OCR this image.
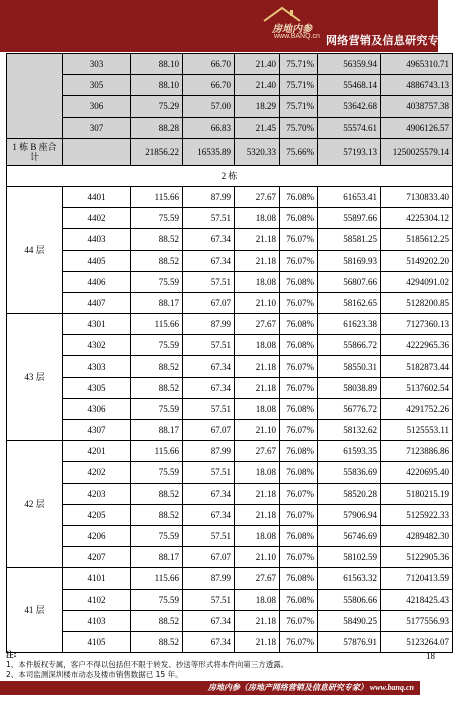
房地内参
www.BANQ.cn 网络营销及信息研究专家
	303	88.10	66.70	21.40	75.71%	56359.94	4965310.71
	305	88.10	66.70	21.40	75.71%	55468.14	4886743.13
	306	75.29	57.00	18.29	75.71%	53642.68	4038757.38
	307	88.28	66.83	21.45	75.70%	55574.61	4906126.57
1 栋 B 座合计		21856.22	16535.89	5320.33	75.66%	57193.13	1250025579.14
2 栋							
44 层	4401	115.66	87.99	27.67	76.08%	61653.41	7130833.40
	4402	75.59	57.51	18.08	76.08%	55897.66	4225304.12
	4403	88.52	67.34	21.18	76.07%	58581.25	5185612.25
	4405	88.52	67.34	21.18	76.07%	58169.93	5149202.20
	4406	75.59	57.51	18.08	76.08%	56807.66	4294091.02
	4407	88.17	67.07	21.10	76.07%	58162.65	5128200.85
43 层	4301	115.66	87.99	27.67	76.08%	61623.38	7127360.13
	4302	75.59	57.51	18.08	76.08%	55866.72	4222965.36
	4303	88.52	67.34	21.18	76.07%	58550.31	5182873.44
	4305	88.52	67.34	21.18	76.07%	58038.89	5137602.54
	4306	75.59	57.51	18.08	76.08%	56776.72	4291752.26
	4307	88.17	67.07	21.10	76.07%	58132.62	5125553.11
42 层	4201	115.66	87.99	27.67	76.08%	61593.35	7123886.86
	4202	75.59	57.51	18.08	76.08%	55836.69	4220695.40
	4203	88.52	67.34	21.18	76.07%	58520.28	5180215.19
	4205	88.52	67.34	21.18	76.07%	57906.94	5125922.33
	4206	75.59	57.51	18.08	76.08%	56746.69	4289482.30
	4207	88.17	67.07	21.10	76.07%	58102.59	5122905.36
41 层	4101	115.66	87.99	27.67	76.08%	61563.32	7120413.59
	4102	75.59	57.51	18.08	76.08%	55806.66	4218425.43
	4103	88.52	67.34	21.18	76.07%	58490.25	5177556.93
	4105	88.52	67.34	21.18	76.07%	57876.91	5123264.07
注:
1、本件版权专属，客户不得以包括但不限于转发、抄送等形式将本件向第三方透露。
2、本司监测深圳楼市动态及楼市销售数据已 15 年。
18
房地内参（房地产网络营销及信息研究专家） www.banq.cn
